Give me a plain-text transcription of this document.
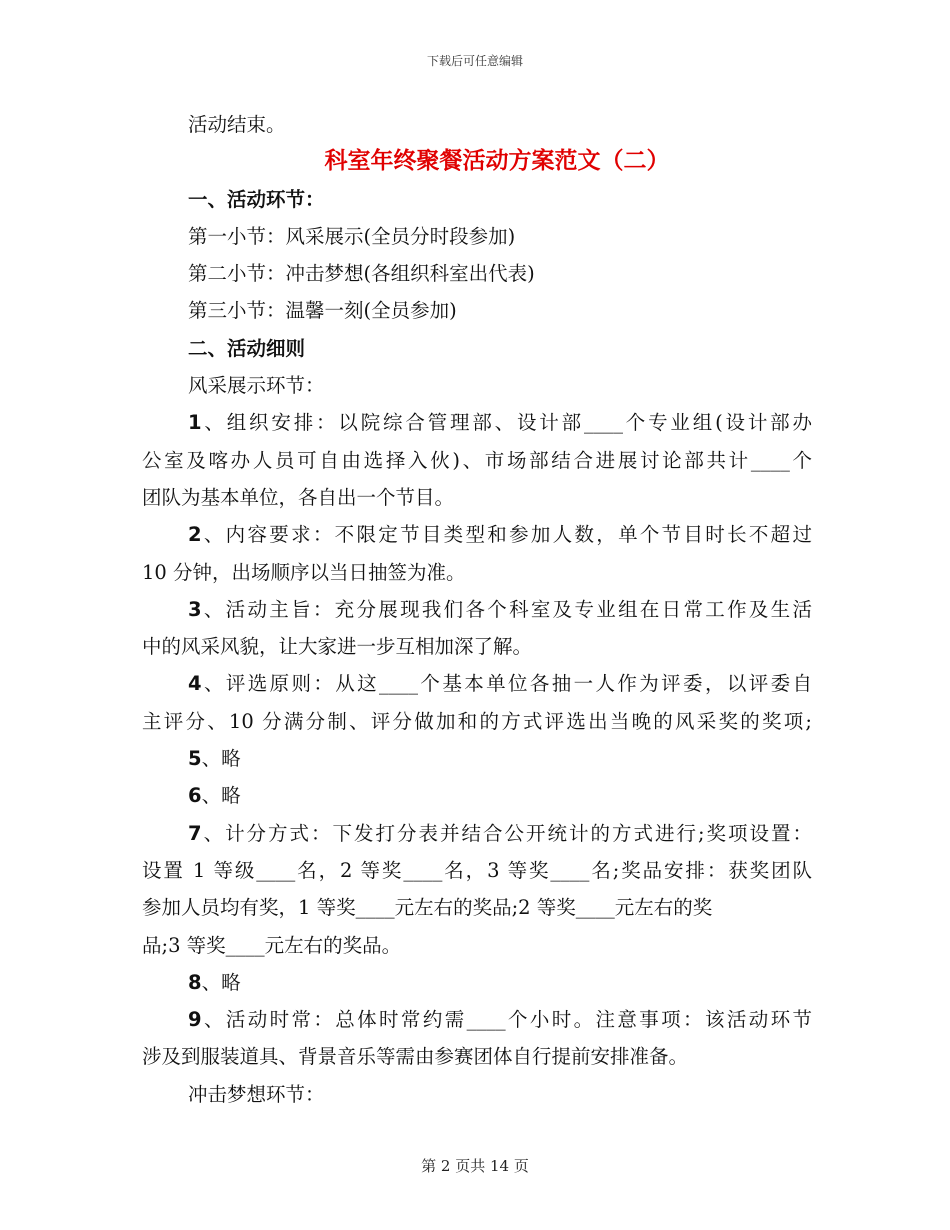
下载后可任意编辑
活动结束。
科室年终聚餐活动方案范文（二）
一、活动环节：
第一小节：风采展示(全员分时段参加)
第二小节：冲击梦想(各组织科室出代表)
第三小节：温馨一刻(全员参加)
二、活动细则
风采展示环节：
1、组织安排：以院综合管理部、设计部____个专业组(设计部办
公室及喀办人员可自由选择入伙)、市场部结合进展讨论部共计____个
团队为基本单位，各自出一个节目。
2、内容要求：不限定节目类型和参加人数，单个节目时长不超过
10 分钟，出场顺序以当日抽签为准。
3、活动主旨：充分展现我们各个科室及专业组在日常工作及生活
中的风采风貌，让大家进一步互相加深了解。
4、评选原则：从这____个基本单位各抽一人作为评委，以评委自
主评分、10 分满分制、评分做加和的方式评选出当晚的风采奖的奖项;
5、略
6、略
7、计分方式：下发打分表并结合公开统计的方式进行;奖项设置：
设置 1 等级____名，2 等奖____名，3 等奖____名;奖品安排：获奖团队
参加人员均有奖，1 等奖____元左右的奖品;2 等奖____元左右的奖
品;3 等奖____元左右的奖品。
8、略
9、活动时常：总体时常约需____个小时。注意事项：该活动环节
涉及到服装道具、背景音乐等需由参赛团体自行提前安排准备。
冲击梦想环节：
第 2 页共 14 页
